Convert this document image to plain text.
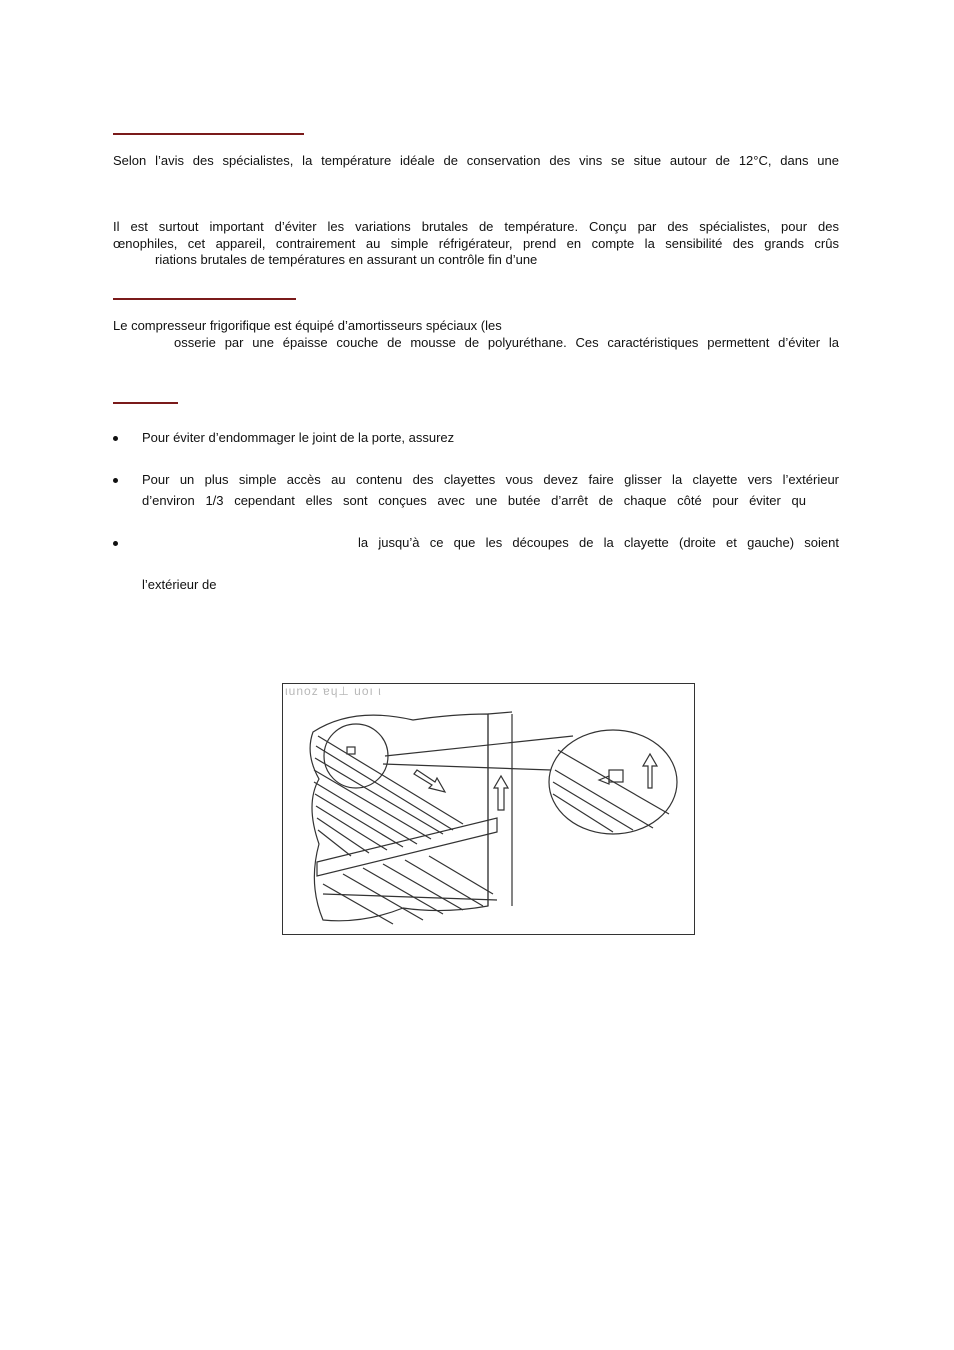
Selon l’avis des spécialistes, la température idéale de conservation des vins se situe autour de 12°C, dans une
Il est surtout important d’éviter les variations brutales de température. Conçu par des spécialistes, pour des
œnophiles, cet appareil, contrairement au simple réfrigérateur, prend en compte la sensibilité des grands crûs
riations brutales de températures en assurant un contrôle fin d’une
Le compresseur frigorifique est équipé d’amortisseurs spéciaux (les
osserie par une épaisse couche de mousse de polyuréthane. Ces caractéristiques permettent d’éviter la
Pour éviter d’endommager le joint de la porte, assurez
Pour un plus simple accès au contenu des clayettes vous devez faire glisser la clayette vers l’extérieur
d’environ 1/3 cependant elles sont conçues avec une butée d’arrêt de chaque côté pour éviter qu
la jusqu’à ce que les découpes de la clayette (droite et gauche) soient
l’extérieur de
ιunoz ɐɥ⊥ uoı ι
